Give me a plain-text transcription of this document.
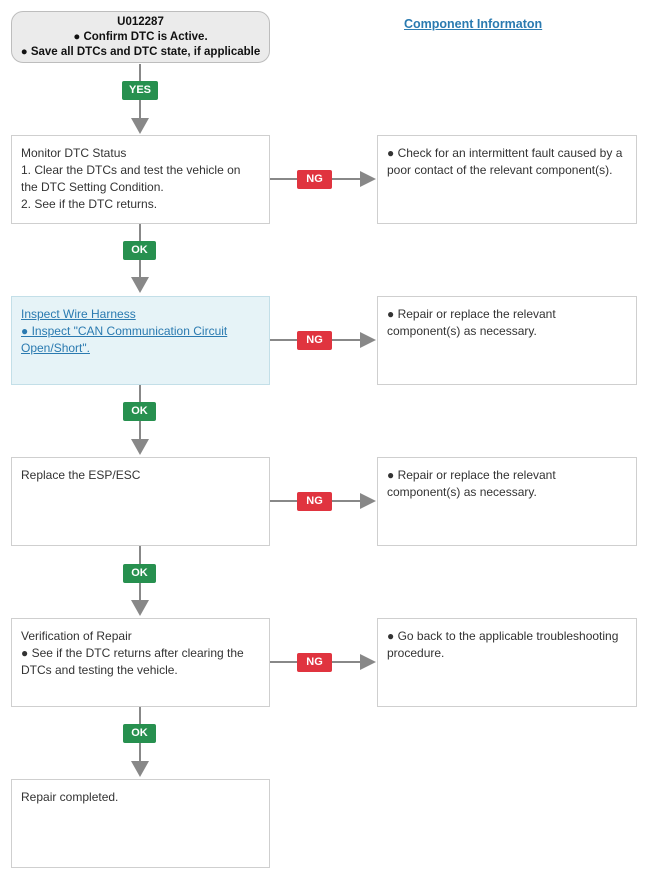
U012287
● Confirm DTC is Active.
● Save all DTCs and DTC state, if applicable
Component Informaton
YES
OK
OK
OK
OK
NG
NG
NG
NG
Monitor DTC Status
1. Clear the DTCs and test the vehicle on the DTC Setting Condition.
2. See if the DTC returns.
● Check for an intermittent fault caused by a poor contact of the relevant component(s).
Inspect Wire Harness
● Inspect "CAN Communication Circuit Open/Short".
● Repair or replace the relevant component(s) as necessary.
Replace the ESP/ESC	● Repair or replace the relevant component(s) as necessary.
Verification of Repair
● See if the DTC returns after clearing the DTCs and testing the vehicle.
● Go back to the applicable troubleshooting procedure.
Repair completed.
